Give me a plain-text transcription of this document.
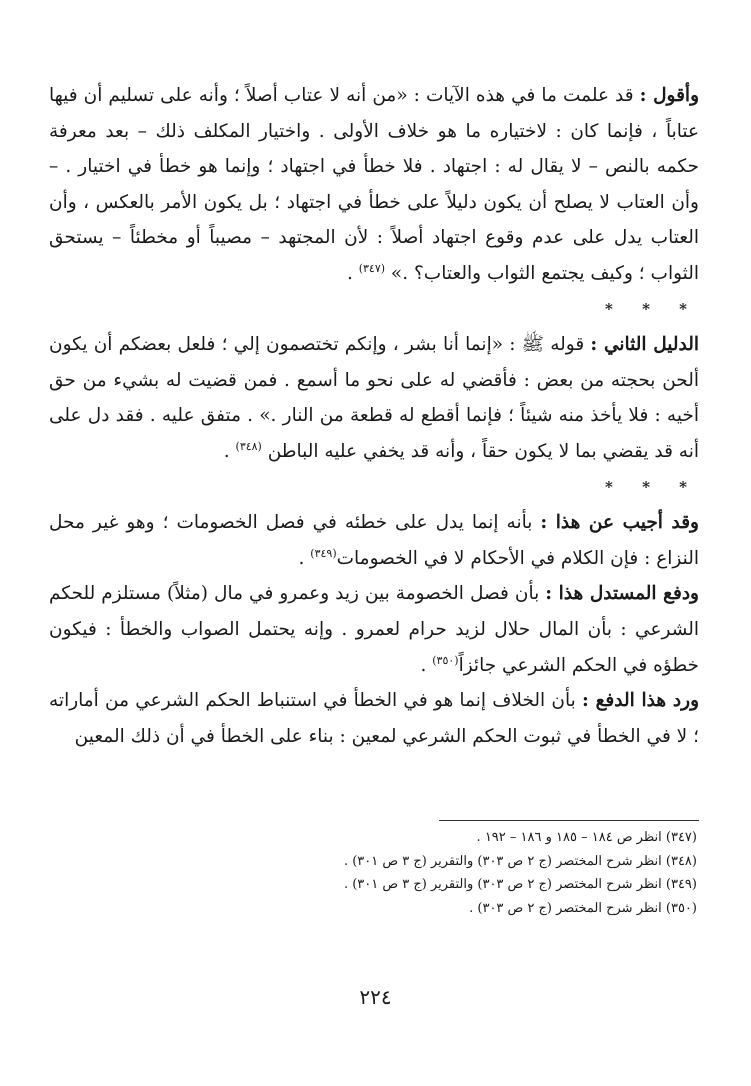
وأقول : قد علمت ما في هذه الآيات : «من أنه لا عتاب أصلاً ؛ وأنه على تسليم أن فيها عتاباً ، فإنما كان : لاختياره ما هو خلاف الأولى . واختيار المكلف ذلك – بعد معرفة حكمه بالنص – لا يقال له : اجتهاد . فلا خطأ في اجتهاد ؛ وإنما هو خطأ في اختيار . – وأن العتاب لا يصلح أن يكون دليلاً على خطأ في اجتهاد ؛ بل يكون الأمر بالعكس ، وأن العتاب يدل على عدم وقوع اجتهاد أصلاً : لأن المجتهد – مصيباً أو مخطئاً – يستحق الثواب ؛ وكيف يجتمع الثواب والعتاب؟ .» $^{(٣٤٧)}$ .

* * *

الدليل الثاني : قوله ﷺ : «إنما أنا بشر ، وإنكم تختصمون إلي ؛ فلعل بعضكم أن يكون ألحن بحجته من بعض : فأقضي له على نحو ما أسمع . فمن قضيت له بشيء من حق أخيه : فلا يأخذ منه شيئاً ؛ فإنما أقطع له قطعة من النار .» . متفق عليه . فقد دل على أنه قد يقضي بما لا يكون حقاً ، وأنه قد يخفي عليه الباطن $^{(٣٤٨)}$ .

* * *

وقد أجيب عن هذا : بأنه إنما يدل على خطئه في فصل الخصومات ؛ وهو غير محل النزاع : فإن الكلام في الأحكام لا في الخصومات$^{(٣٤٩)}$ .

ودفع المستدل هذا : بأن فصل الخصومة بين زيد وعمرو في مال (مثلاً) مستلزم للحكم الشرعي : بأن المال حلال لزيد حرام لعمرو . وإنه يحتمل الصواب والخطأ : فيكون خطؤه في الحكم الشرعي جائزاً$^{(٣٥٠)}$ .

ورد هذا الدفع : بأن الخلاف إنما هو في الخطأ في استنباط الحكم الشرعي من أماراته ؛ لا في الخطأ في ثبوت الحكم الشرعي لمعين : بناء على الخطأ في أن ذلك المعين

(٣٤٧) انظر ص ١٨٤ – ١٨٥ و ١٨٦ – ١٩٢ .

(٣٤٨) انظر شرح المختصر (ج ٢ ص ٣٠٣) والتقرير (ج ٣ ص ٣٠١) .

(٣٤٩) انظر شرح المختصر (ج ٢ ص ٣٠٣) والتقرير (ج ٣ ص ٣٠١) .

(٣٥٠) انظر شرح المختصر (ج ٢ ص ٣٠٣) .

٢٢٤
